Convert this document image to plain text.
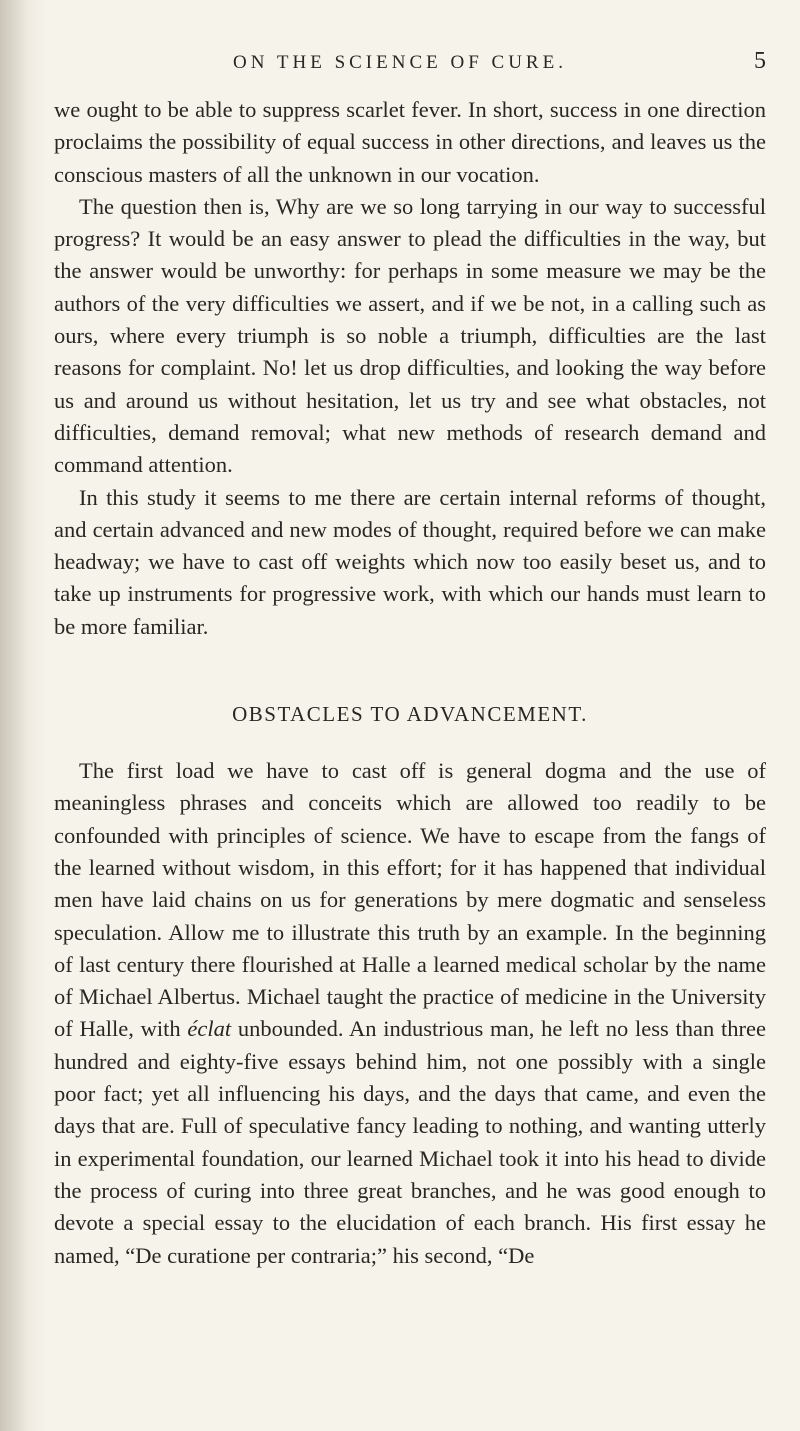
ON THE SCIENCE OF CURE.	5

we ought to be able to suppress scarlet fever. In short, success in one direction proclaims the possibility of equal success in other directions, and leaves us the conscious masters of all the unknown in our vocation.

The question then is, Why are we so long tarrying in our way to successful progress? It would be an easy answer to plead the difficulties in the way, but the answer would be unworthy: for perhaps in some measure we may be the authors of the very difficulties we assert, and if we be not, in a calling such as ours, where every triumph is so noble a triumph, difficulties are the last reasons for complaint. No! let us drop difficulties, and looking the way before us and around us without hesitation, let us try and see what obstacles, not difficulties, demand removal; what new methods of research demand and command attention.

In this study it seems to me there are certain internal reforms of thought, and certain advanced and new modes of thought, required before we can make headway; we have to cast off weights which now too easily beset us, and to take up instruments for progressive work, with which our hands must learn to be more familiar.

OBSTACLES TO ADVANCEMENT.

The first load we have to cast off is general dogma and the use of meaningless phrases and conceits which are allowed too readily to be confounded with principles of science. We have to escape from the fangs of the learned without wisdom, in this effort; for it has happened that individual men have laid chains on us for generations by mere dogmatic and senseless speculation. Allow me to illustrate this truth by an example. In the beginning of last century there flourished at Halle a learned medical scholar by the name of Michael Albertus. Michael taught the practice of medicine in the University of Halle, with éclat unbounded. An industrious man, he left no less than three hundred and eighty-five essays behind him, not one possibly with a single poor fact; yet all influencing his days, and the days that came, and even the days that are. Full of speculative fancy leading to nothing, and wanting utterly in experimental foundation, our learned Michael took it into his head to divide the process of curing into three great branches, and he was good enough to devote a special essay to the elucidation of each branch. His first essay he named, “De curatione per contraria;” his second, “De
